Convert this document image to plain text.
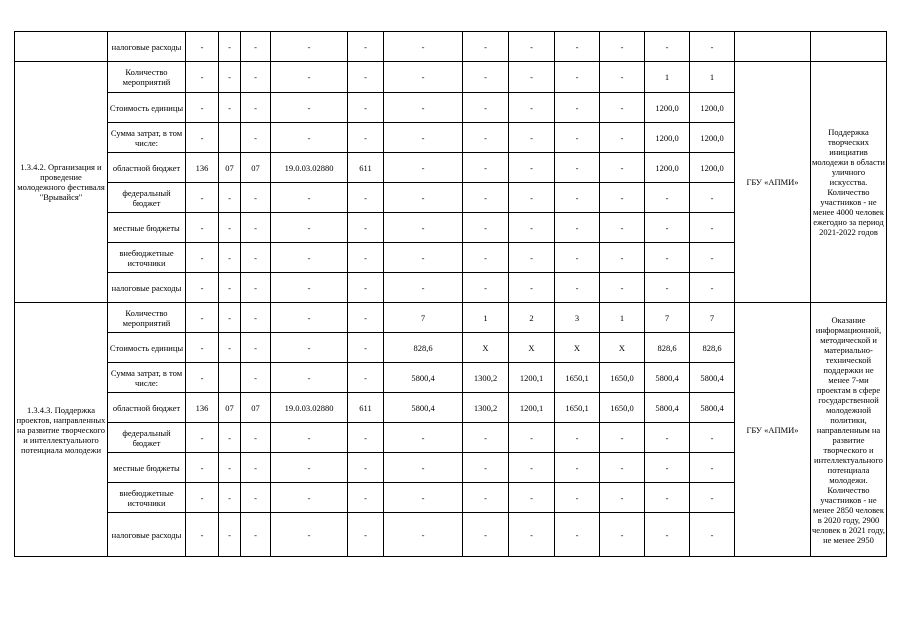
	налоговые расходы	-	-	-	-	-	-	-	-	-	-	-	-		
1.3.4.2. Организация и проведение молодежного фестиваля "Врывайся"	Количество мероприятий	-	-	-	-	-	-	-	-	-	-	1	1	ГБУ «АПМИ»	Поддержка творческих инициатив молодежи в области уличного искусства. Количество участников - не менее 4000 человек ежегодно за период 2021-2022 годов
	Стоимость единицы	-	-	-	-	-	-	-	-	-	-	1200,0	1200,0		
	Сумма затрат, в том числе:	-		-	-	-	-	-	-	-	-	1200,0	1200,0		
	областной бюджет	136	07	07	19.0.03.02880	611	-	-	-	-	-	1200,0	1200,0		
	федеральный бюджет	-	-	-	-	-	-	-	-	-	-	-	-		
	местные бюджеты	-	-	-	-	-	-	-	-	-	-	-	-		
	внебюджетные источники	-	-	-	-	-	-	-	-	-	-	-	-		
	налоговые расходы	-	-	-	-	-	-	-	-	-	-	-	-		
1.3.4.3. Поддержка проектов, направленных на развитие творческого и интеллектуального потенциала молодежи	Количество мероприятий	-	-	-	-	-	7	1	2	3	1	7	7	ГБУ «АПМИ»	Оказание информационной, методической и материально-технической поддержки не менее 7-ми проектам в сфере государственной молодежной политики, направленным на развитие творческого и интеллектуального потенциала молодежи. Количество участников - не менее 2850 человек в 2020 году, 2900 человек в 2021 году, не менее 2950
	Стоимость единицы	-	-	-	-	-	828,6	Х	Х	Х	Х	828,6	828,6		
	Сумма затрат, в том числе:	-		-	-	-	5800,4	1300,2	1200,1	1650,1	1650,0	5800,4	5800,4		
	областной бюджет	136	07	07	19.0.03.02880	611	5800,4	1300,2	1200,1	1650,1	1650,0	5800,4	5800,4		
	федеральный бюджет	-	-	-	-	-	-	-	-	-	-	-	-		
	местные бюджеты	-	-	-	-	-	-	-	-	-	-	-	-		
	внебюджетные источники	-	-	-	-	-	-	-	-	-	-	-	-		
	налоговые расходы	-	-	-	-	-	-	-	-	-	-	-	-		
